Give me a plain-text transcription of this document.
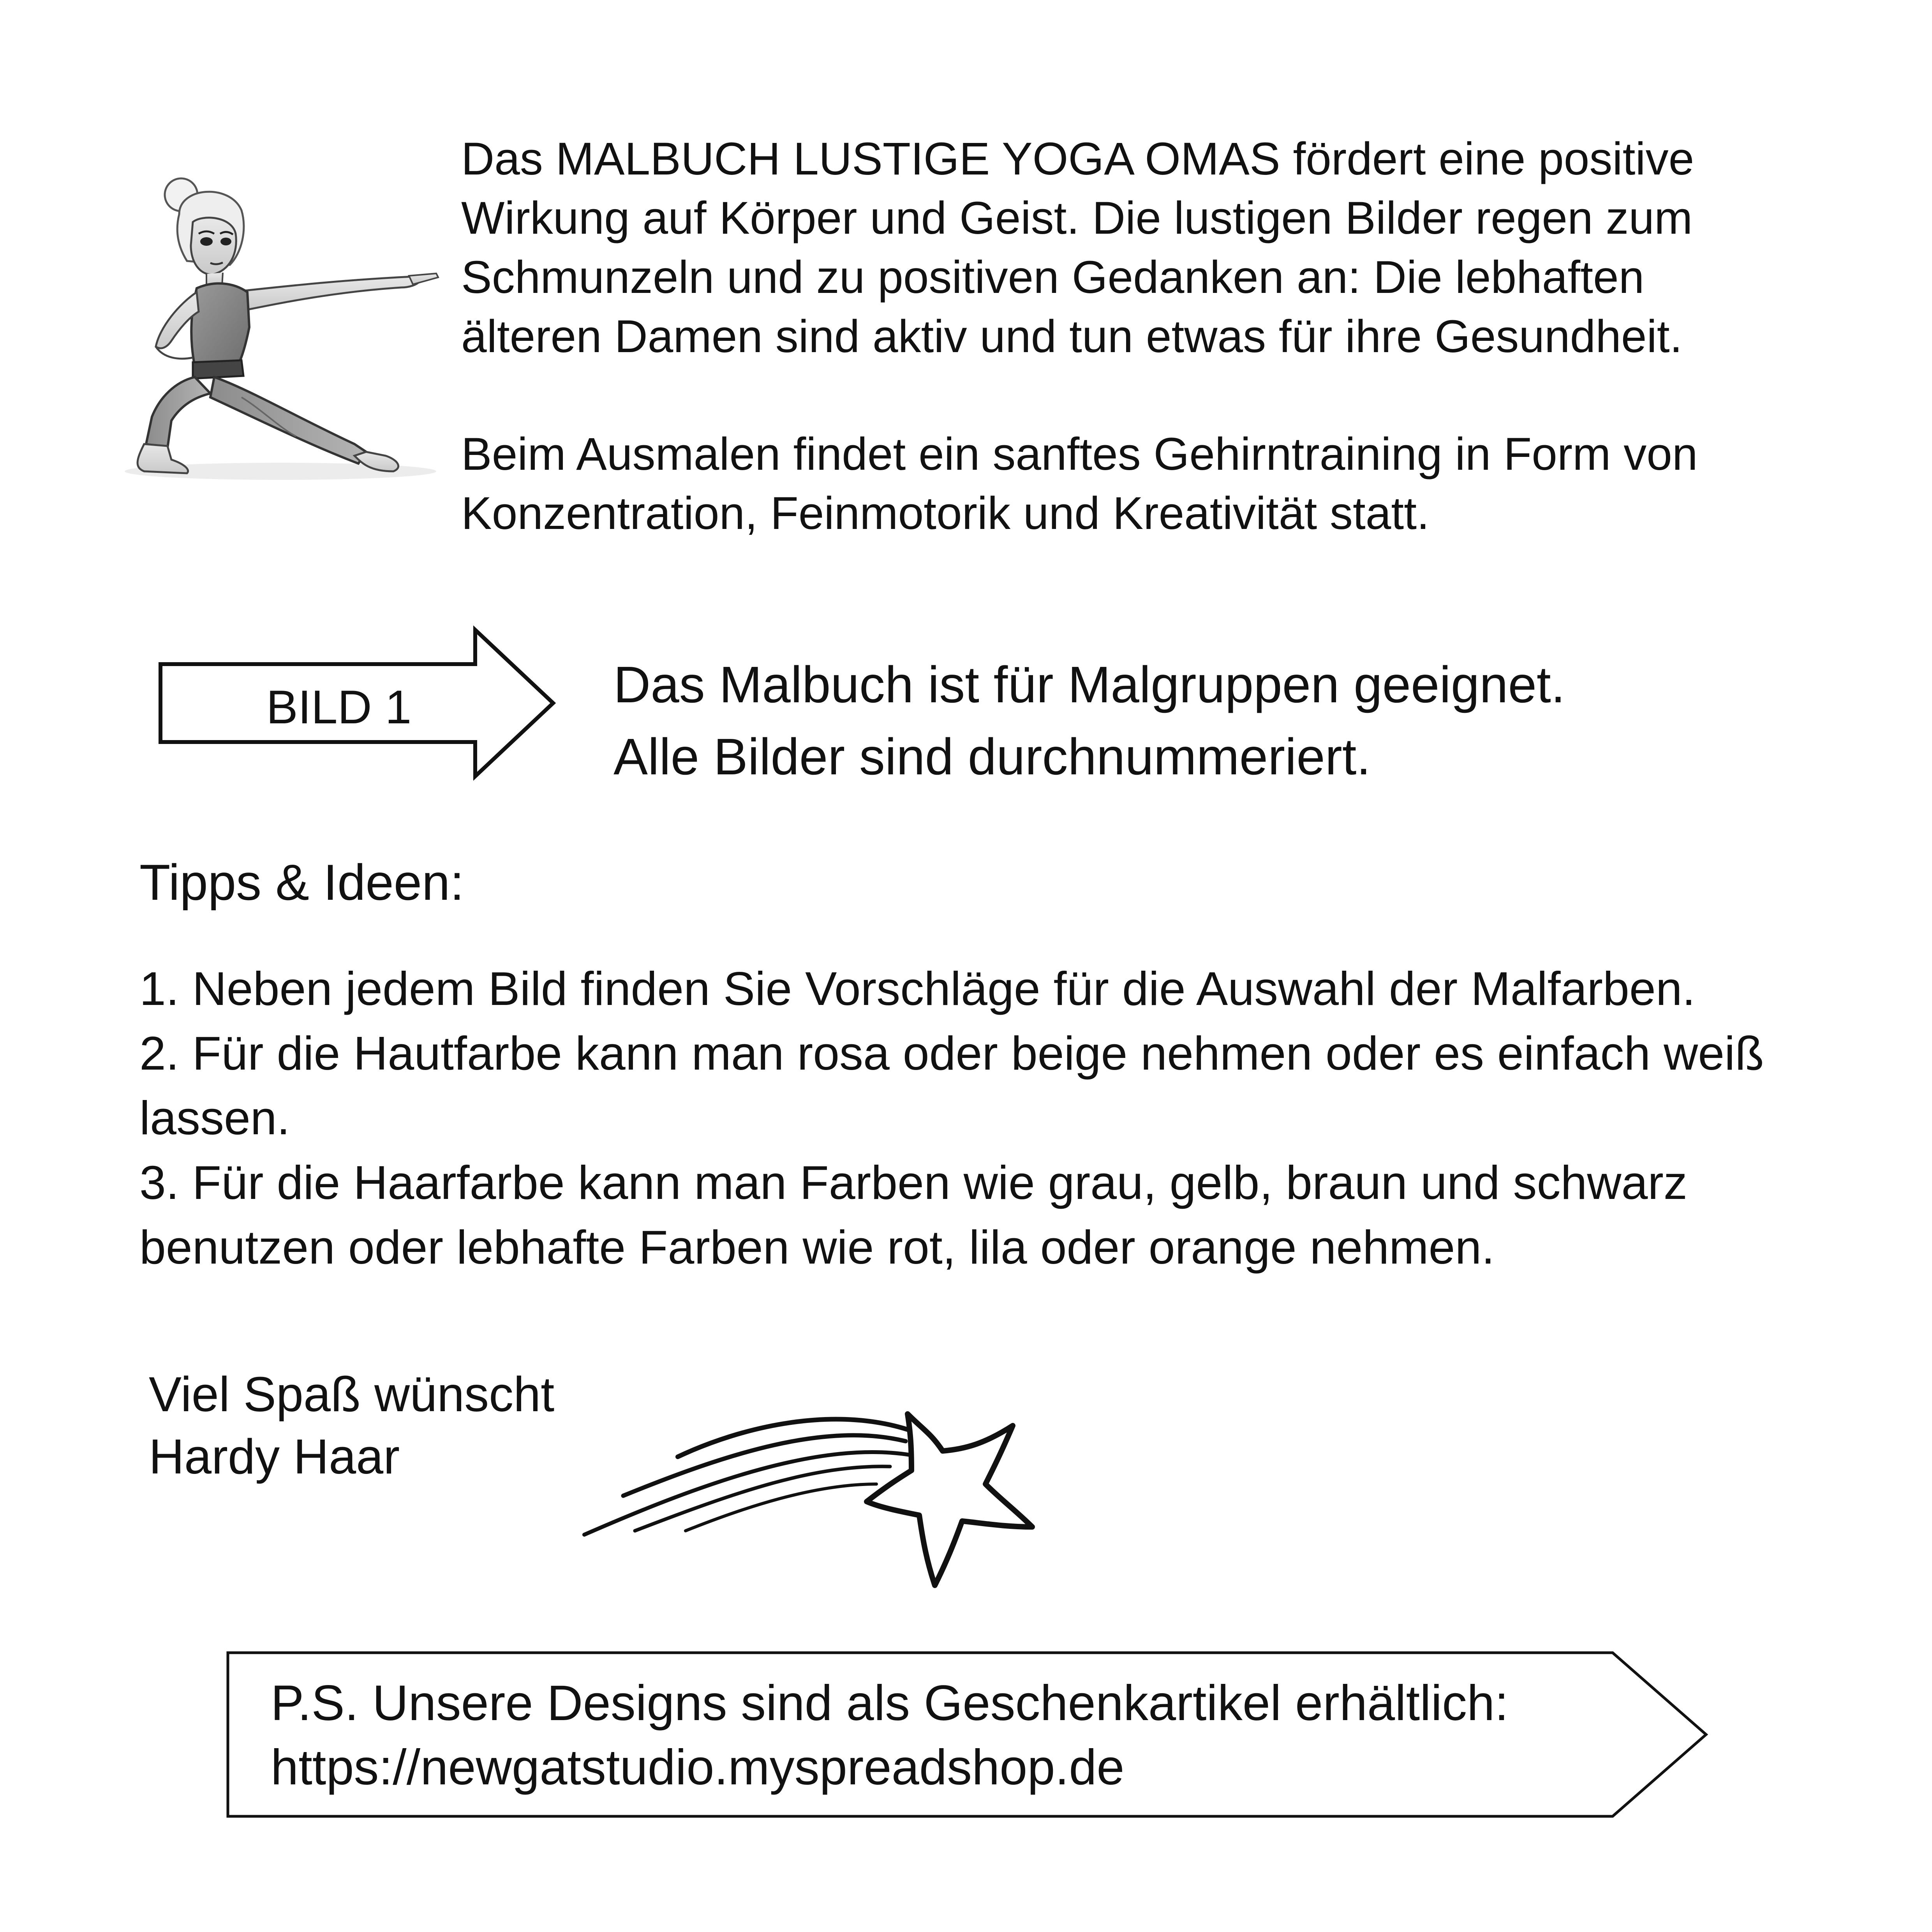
Das MALBUCH LUSTIGE YOGA OMAS fördert eine positive
Wirkung auf Körper und Geist. Die lustigen Bilder regen zum
Schmunzeln und zu positiven Gedanken an: Die lebhaften
älteren Damen sind aktiv und tun etwas für ihre Gesundheit.
Beim Ausmalen findet ein sanftes Gehirntraining in Form von
Konzentration, Feinmotorik und Kreativität statt.
BILD 1	Das Malbuch ist für Malgruppen geeignet.
Alle Bilder sind durchnummeriert.
Tipps & Ideen:
1. Neben jedem Bild finden Sie Vorschläge für die Auswahl der Malfarben.
2. Für die Hautfarbe kann man rosa oder beige nehmen oder es einfach weiß lassen.
3. Für die Haarfarbe kann man Farben wie grau, gelb, braun und schwarz benutzen oder lebhafte Farben wie rot, lila oder orange nehmen.
Viel Spaß wünscht
Hardy Haar
P.S. Unsere Designs sind als Geschenkartikel erhältlich:
https://newgatstudio.myspreadshop.de
